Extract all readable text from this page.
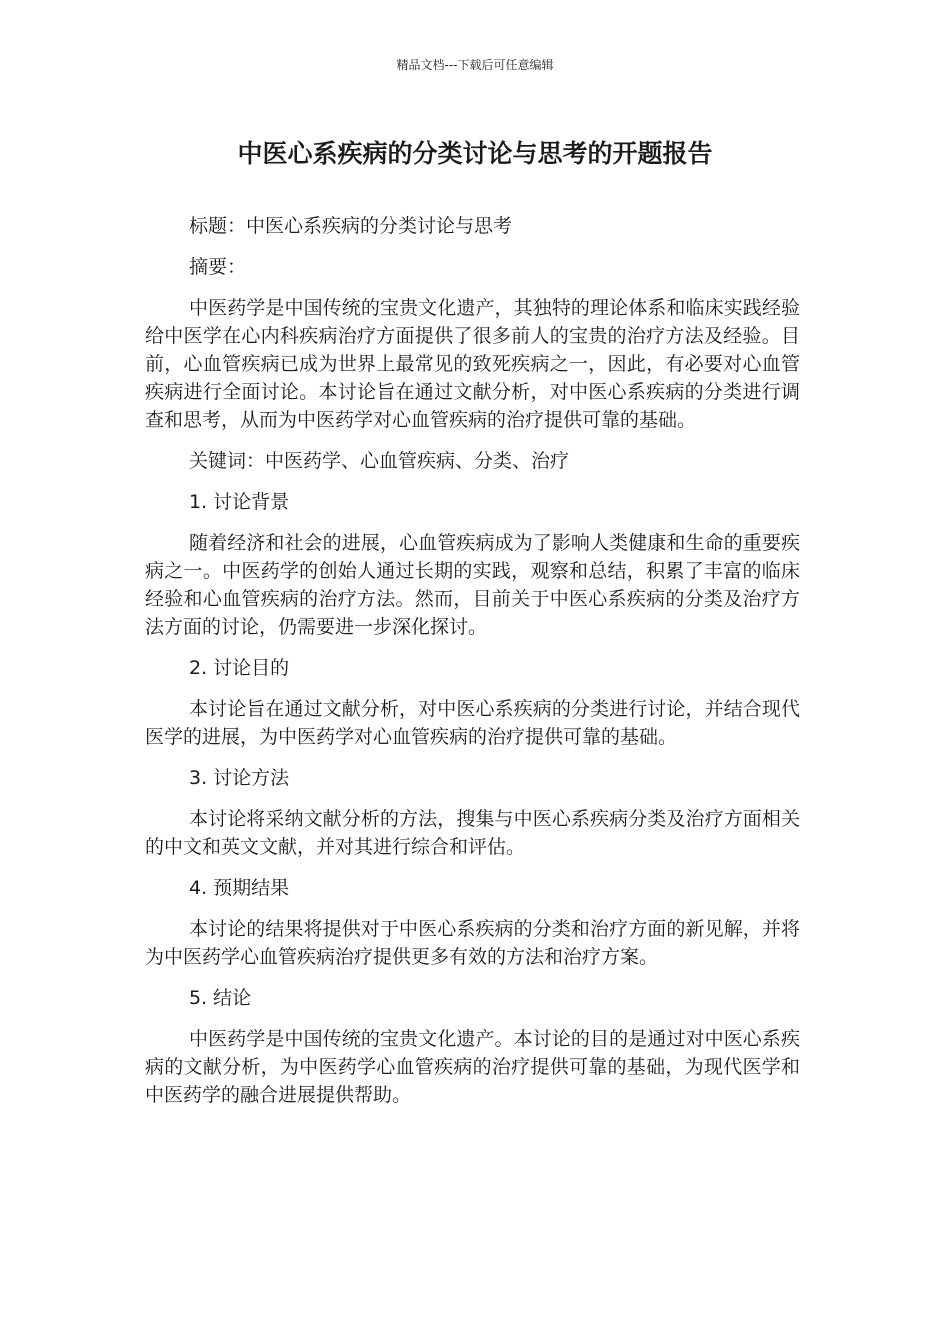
精品文档---下载后可任意编辑
中医心系疾病的分类讨论与思考的开题报告

标题：中医心系疾病的分类讨论与思考

摘要：

中医药学是中国传统的宝贵文化遗产，其独特的理论体系和临床实践经验给中医学在心内科疾病治疗方面提供了很多前人的宝贵的治疗方法及经验。目前，心血管疾病已成为世界上最常见的致死疾病之一，因此，有必要对心血管疾病进行全面讨论。本讨论旨在通过文献分析，对中医心系疾病的分类进行调查和思考，从而为中医药学对心血管疾病的治疗提供可靠的基础。

关键词：中医药学、心血管疾病、分类、治疗

1. 讨论背景

随着经济和社会的进展，心血管疾病成为了影响人类健康和生命的重要疾病之一。中医药学的创始人通过长期的实践，观察和总结，积累了丰富的临床经验和心血管疾病的治疗方法。然而，目前关于中医心系疾病的分类及治疗方法方面的讨论，仍需要进一步深化探讨。

2. 讨论目的

本讨论旨在通过文献分析，对中医心系疾病的分类进行讨论，并结合现代医学的进展，为中医药学对心血管疾病的治疗提供可靠的基础。

3. 讨论方法

本讨论将采纳文献分析的方法，搜集与中医心系疾病分类及治疗方面相关的中文和英文文献，并对其进行综合和评估。

4. 预期结果

本讨论的结果将提供对于中医心系疾病的分类和治疗方面的新见解，并将为中医药学心血管疾病治疗提供更多有效的方法和治疗方案。

5. 结论

中医药学是中国传统的宝贵文化遗产。本讨论的目的是通过对中医心系疾病的文献分析，为中医药学心血管疾病的治疗提供可靠的基础，为现代医学和中医药学的融合进展提供帮助。
